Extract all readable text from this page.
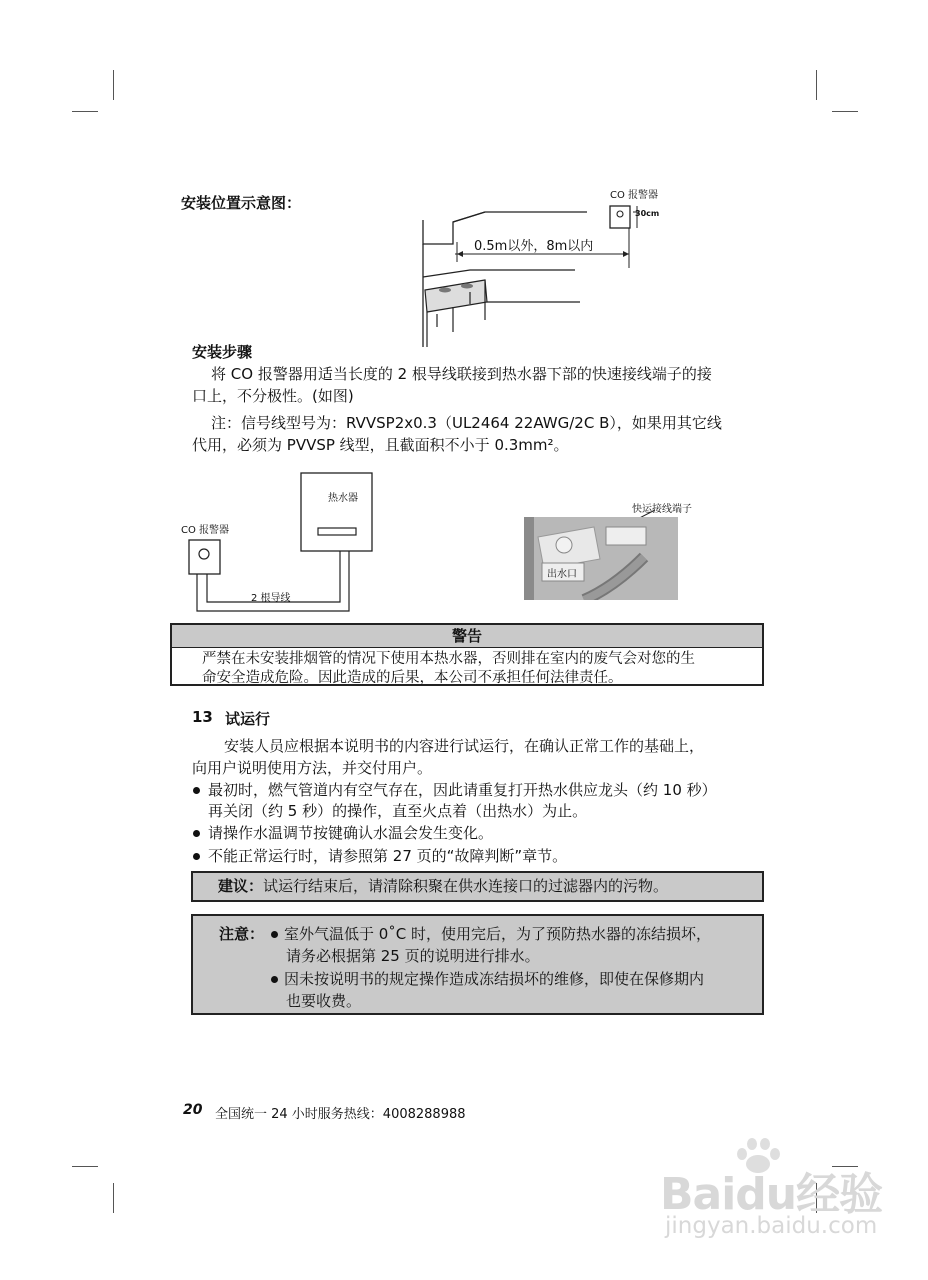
安装位置示意图：	CO 报警器
30cm
0.5m以外，8m以内
安装步骤
将 CO 报警器用适当长度的 2 根导线联接到热水器下部的快速接线端子的接
口上，不分极性。(如图)
注：信号线型号为：RVVSP2x0.3（UL2464 22AWG/2C B），如果用其它线
代用，必须为 PVVSP 线型，且截面积不小于 0.3mm²。
CO 报警器
热水器
2 根导线
快运接线端子
出水口
警告
严禁在未安装排烟管的情况下使用本热水器，否则排在室内的废气会对您的生
命安全造成危险。因此造成的后果，本公司不承担任何法律责任。
13 试运行
安装人员应根据本说明书的内容进行试运行，在确认正常工作的基础上，
向用户说明使用方法，并交付用户。
最初时，燃气管道内有空气存在，因此请重复打开热水供应龙头（约 10 秒）
再关闭（约 5 秒）的操作，直至火点着（出热水）为止。
请操作水温调节按键确认水温会发生变化。
不能正常运行时，请参照第 27 页的“故障判断”章节。
建议：试运行结束后，请清除积聚在供水连接口的过滤器内的污物。
注意：	室外气温低于 0˚C 时，使用完后，为了预防热水器的冻结损坏，
请务必根据第 25 页的说明进行排水。
因未按说明书的规定操作造成冻结损坏的维修，即使在保修期内
也要收费。
20 全国统一 24 小时服务热线：4008288988
Baidu经验
jingyan.baidu.com
